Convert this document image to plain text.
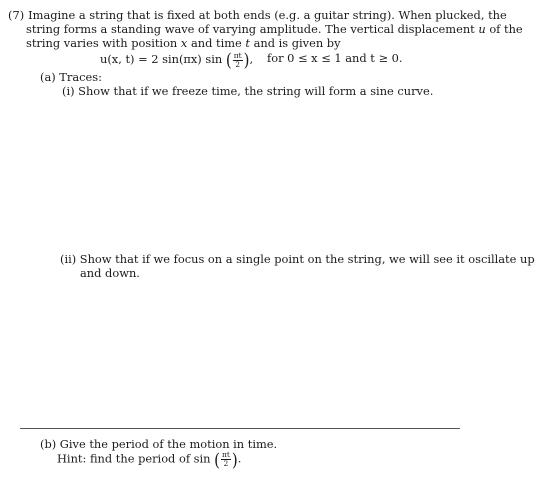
(7) Imagine a string that is fixed at both ends (e.g. a guitar string). When plucked, the
string forms a standing wave of varying amplitude. The vertical displacement u of the
string varies with position x and time t and is given by
u(x, t) = 2 sin(πx) sin ( $\frac{\pi t}{2}$ ), for 0 ≤ x ≤ 1 and t ≥ 0.
(a) Traces:
(i) Show that if we freeze time, the string will form a sine curve.
(ii) Show that if we focus on a single point on the string, we will see it oscillate up
and down.
(b) Give the period of the motion in time.
Hint: find the period of sin ( $\frac{\pi t}{2}$ ).
